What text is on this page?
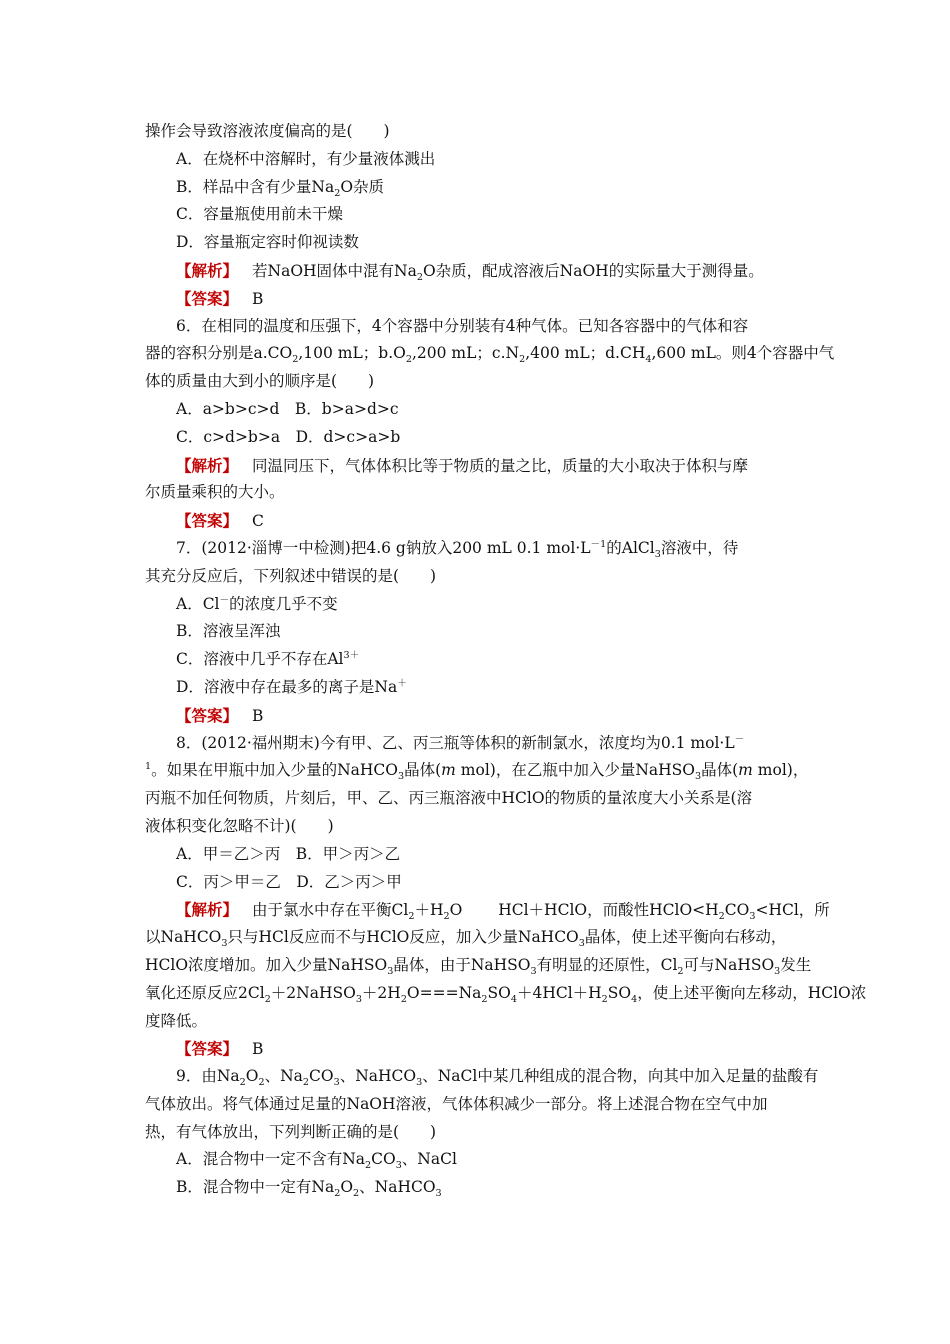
操作会导致溶液浓度偏高的是(　　)
A．在烧杯中溶解时，有少量液体溅出
B．样品中含有少量$Na_2O$杂质
C．容量瓶使用前未干燥
D．容量瓶定容时仰视读数
【解析】 若NaOH固体中混有$Na_2O$杂质，配成溶液后NaOH的实际量大于测得量。
【答案】 B
6．在相同的温度和压强下，4个容器中分别装有4种气体。已知各容器中的气体和容
器的容积分别是$a.CO_2,100$ mL；$b.O_2,200$ mL；$c.N_2,400$ mL；$d.CH_4,600$ mL。则4个容器中气
体的质量由大到小的顺序是(　　)
A．a>b>c>d　B．b>a>d>c
C．c>d>b>a　D．d>c>a>b
【解析】 同温同压下，气体体积比等于物质的量之比，质量的大小取决于体积与摩
尔质量乘积的大小。
【答案】 C
7．(2012·淄博一中检测)把4.6 g钠放入200 mL 0.1 $mol\cdot L^{-1}$的AlCl$_3$溶液中，待
其充分反应后，下列叙述中错误的是(　　)
A．Cl－的浓度几乎不变
B．溶液呈浑浊
C．溶液中几乎不存在$Al^{3+}$
D．溶液中存在最多的离子是Na＋
【答案】 B
8．(2012·福州期末)今有甲、乙、丙三瓶等体积的新制氯水，浓度均为0.1 mol·L－
$^1$。如果在甲瓶中加入少量的NaHCO$_3$晶体(m mol)，在乙瓶中加入少量NaHSO$_3$晶体(m mol)，
丙瓶不加任何物质，片刻后，甲、乙、丙三瓶溶液中HClO的物质的量浓度大小关系是(溶
液体积变化忽略不计)(　　)
A．甲＝乙＞丙　B．甲＞丙＞乙
C．丙＞甲＝乙　D．乙＞丙＞甲
【解析】 由于氯水中存在平衡$Cl_2+H_2O$　　 HCl＋HClO，而酸性$HClO<H_2CO_3<HCl$，所
以NaHCO$_3$只与HCl反应而不与HClO反应，加入少量NaHCO$_3$晶体，使上述平衡向右移动，
HClO浓度增加。加入少量NaHSO$_3$晶体，由于NaHSO$_3$有明显的还原性，$Cl_2$可与NaHSO$_3$发生
氧化还原反应$2Cl_2+2NaHSO_3+2H_2O===Na_2SO_4+4HCl+H_2SO_4$，使上述平衡向左移动，HClO浓
度降低。
【答案】 B
9．由$Na_2O_2$、$Na_2CO_3$、NaHCO$_3$、NaCl中某几种组成的混合物，向其中加入足量的盐酸有
气体放出。将气体通过足量的NaOH溶液，气体体积减少一部分。将上述混合物在空气中加
热，有气体放出，下列判断正确的是(　　)
A．混合物中一定不含有$Na_2CO_3$、NaCl
B．混合物中一定有$Na_2O_2$、NaHCO$_3$
